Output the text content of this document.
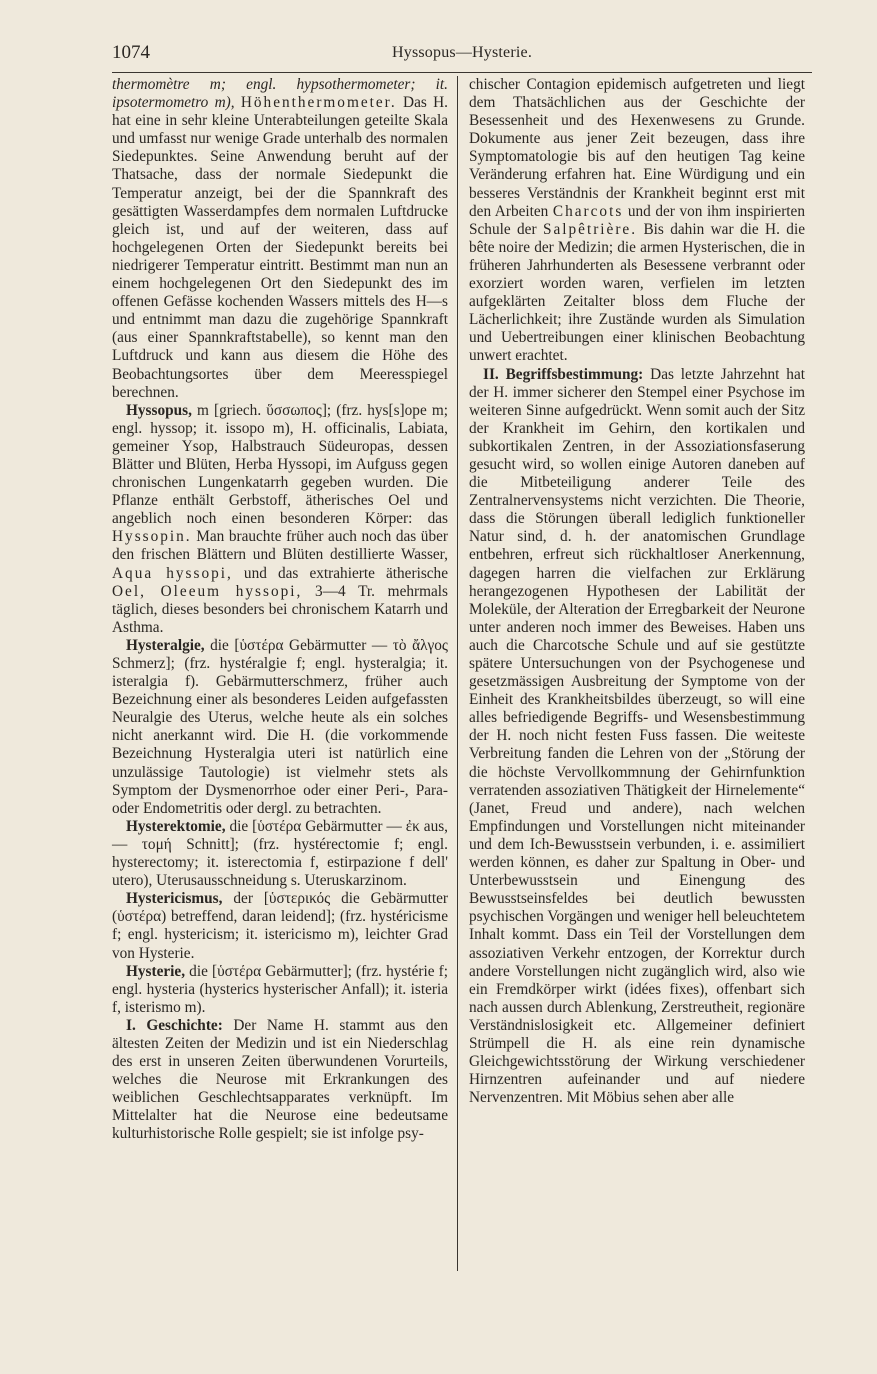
1074	Hyssopus—Hysterie.

thermomètre m; engl. hypsothermometer; it. ipsotermometro m), Höhenthermometer. Das H. hat eine in sehr kleine Unterabteilungen geteilte Skala und umfasst nur wenige Grade unterhalb des normalen Siedepunktes. Seine Anwendung beruht auf der Thatsache, dass der normale Siedepunkt die Temperatur anzeigt, bei der die Spannkraft des gesättigten Wasserdampfes dem normalen Luftdrucke gleich ist, und auf der weiteren, dass auf hochgelegenen Orten der Siedepunkt bereits bei niedrigerer Temperatur eintritt. Bestimmt man nun an einem hochgelegenen Ort den Siedepunkt des im offenen Gefässe kochenden Wassers mittels des H—s und entnimmt man dazu die zugehörige Spannkraft (aus einer Spannkraftstabelle), so kennt man den Luftdruck und kann aus diesem die Höhe des Beobachtungsortes über dem Meeresspiegel berechnen.

Hyssopus, m [griech. ὕσσωπος]; (frz. hys[s]ope m; engl. hyssop; it. issopo m), H. officinalis, Labiata, gemeiner Ysop, Halbstrauch Südeuropas, dessen Blätter und Blüten, Herba Hyssopi, im Aufguss gegen chronischen Lungenkatarrh gegeben wurden. Die Pflanze enthält Gerbstoff, ätherisches Oel und angeblich noch einen besonderen Körper: das Hyssopin. Man brauchte früher auch noch das über den frischen Blättern und Blüten destillierte Wasser, Aqua hyssopi, und das extrahierte ätherische Oel, Oleeum hyssopi, 3—4 Tr. mehrmals täglich, dieses besonders bei chronischem Katarrh und Asthma.

Hysteralgie, die [ὑστέρα Gebärmutter — τὸ ἄλγος Schmerz]; (frz. hystéralgie f; engl. hysteralgia; it. isteralgia f). Gebärmutterschmerz, früher auch Bezeichnung einer als besonderes Leiden aufgefassten Neuralgie des Uterus, welche heute als ein solches nicht anerkannt wird. Die H. (die vorkommende Bezeichnung Hysteralgia uteri ist natürlich eine unzulässige Tautologie) ist vielmehr stets als Symptom der Dysmenorrhoe oder einer Peri-, Para- oder Endometritis oder dergl. zu betrachten.

Hysterektomie, die [ὑστέρα Gebärmutter — ἐκ aus, — τομή Schnitt]; (frz. hystérectomie f; engl. hysterectomy; it. isterectomia f, estirpazione f dell' utero), Uterusausschneidung s. Uteruskarzinom.

Hystericismus, der [ὑστερικός die Gebärmutter (ὑστέρα) betreffend, daran leidend]; (frz. hystéricisme f; engl. hystericism; it. istericismo m), leichter Grad von Hysterie.

Hysterie, die [ὑστέρα Gebärmutter]; (frz. hystérie f; engl. hysteria (hysterics hysterischer Anfall); it. isteria f, isterismo m).

I. Geschichte: Der Name H. stammt aus den ältesten Zeiten der Medizin und ist ein Niederschlag des erst in unseren Zeiten überwundenen Vorurteils, welches die Neurose mit Erkrankungen des weiblichen Geschlechtsapparates verknüpft. Im Mittelalter hat die Neurose eine bedeutsame kulturhistorische Rolle gespielt; sie ist infolge psy-

chischer Contagion epidemisch aufgetreten und liegt dem Thatsächlichen aus der Geschichte der Besessenheit und des Hexenwesens zu Grunde. Dokumente aus jener Zeit bezeugen, dass ihre Symptomatologie bis auf den heutigen Tag keine Veränderung erfahren hat. Eine Würdigung und ein besseres Verständnis der Krankheit beginnt erst mit den Arbeiten Charcots und der von ihm inspirierten Schule der Salpêtrière. Bis dahin war die H. die bête noire der Medizin; die armen Hysterischen, die in früheren Jahrhunderten als Besessene verbrannt oder exorziert worden waren, verfielen im letzten aufgeklärten Zeitalter bloss dem Fluche der Lächerlichkeit; ihre Zustände wurden als Simulation und Uebertreibungen einer klinischen Beobachtung unwert erachtet.

II. Begriffsbestimmung: Das letzte Jahrzehnt hat der H. immer sicherer den Stempel einer Psychose im weiteren Sinne aufgedrückt. Wenn somit auch der Sitz der Krankheit im Gehirn, den kortikalen und subkortikalen Zentren, in der Assoziationsfaserung gesucht wird, so wollen einige Autoren daneben auf die Mitbeteiligung anderer Teile des Zentralnervensystems nicht verzichten. Die Theorie, dass die Störungen überall lediglich funktioneller Natur sind, d. h. der anatomischen Grundlage entbehren, erfreut sich rückhaltloser Anerkennung, dagegen harren die vielfachen zur Erklärung herangezogenen Hypothesen der Labilität der Moleküle, der Alteration der Erregbarkeit der Neurone unter anderen noch immer des Beweises. Haben uns auch die Charcotsche Schule und auf sie gestützte spätere Untersuchungen von der Psychogenese und gesetzmässigen Ausbreitung der Symptome von der Einheit des Krankheitsbildes überzeugt, so will eine alles befriedigende Begriffs- und Wesensbestimmung der H. noch nicht festen Fuss fassen. Die weiteste Verbreitung fanden die Lehren von der „Störung der die höchste Vervollkommnung der Gehirnfunktion verratenden assoziativen Thätigkeit der Hirnelemente“ (Janet, Freud und andere), nach welchen Empfindungen und Vorstellungen nicht miteinander und dem Ich-Bewusstsein verbunden, i. e. assimiliert werden können, es daher zur Spaltung in Ober- und Unterbewusstsein und Einengung des Bewusstseinsfeldes bei deutlich bewussten psychischen Vorgängen und weniger hell beleuchtetem Inhalt kommt. Dass ein Teil der Vorstellungen dem assoziativen Verkehr entzogen, der Korrektur durch andere Vorstellungen nicht zugänglich wird, also wie ein Fremdkörper wirkt (idées fixes), offenbart sich nach aussen durch Ablenkung, Zerstreutheit, regionäre Verständnislosigkeit etc. Allgemeiner definiert Strümpell die H. als eine rein dynamische Gleichgewichtsstörung der Wirkung verschiedener Hirnzentren aufeinander und auf niedere Nervenzentren. Mit Möbius sehen aber alle
